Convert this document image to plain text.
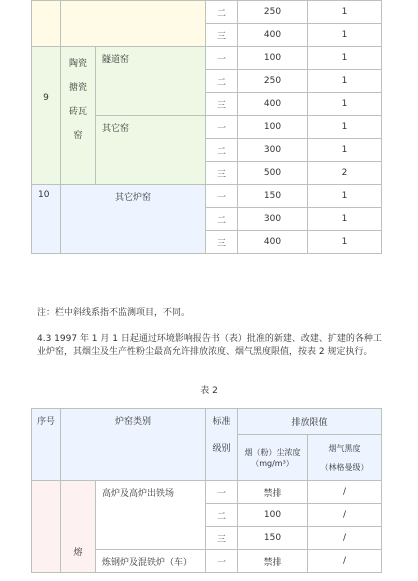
			二	250	1
			三	400	1
9	陶瓷
搪瓷
砖瓦
窑	隧道窑	一	100	1
			二	250	1
			三	400	1
		其它窑	一	100	1
			二	300	1
			三	500	2
10	其它炉窑		一	150	1
			二	300	1
			三	400	1
注：栏中斜线系指不监测项目，不同。
4.3 1997 年 1 月 1 日起通过环境影响报告书（表）批准的新建、改建、扩建的各种工业炉窑，其烟尘及生产性粉尘最高允许排放浓度、烟气黑度限值，按表 2 规定执行。
表 2
序号	炉窑类别		标准
级别	排放限值	
				烟（粉）尘浓度（mg/m³）	烟气黑度
（林格曼级）

	熔	高炉及高炉出铁场	一	禁排	/
			二	100	/
			三	150	/
		炼钢炉及混铁炉（车）	一	禁排	/
